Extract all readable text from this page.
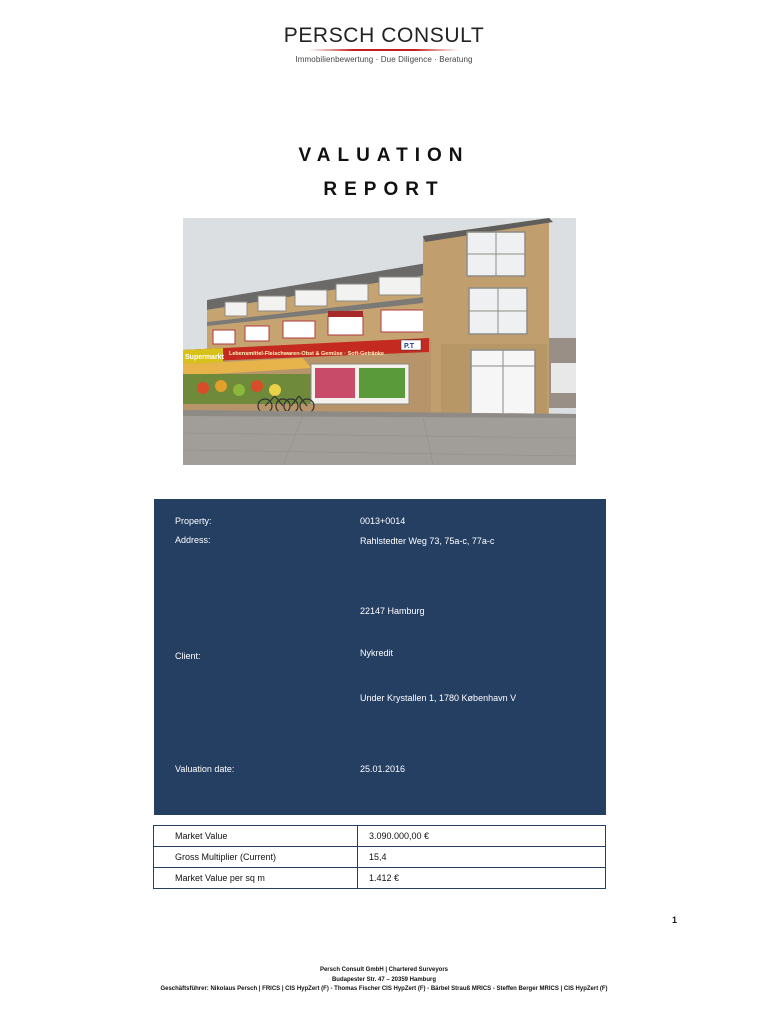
PERSCH CONSULT
Immobilienbewertung · Due Diligence · Beratung
VALUATION
REPORT
Supermarkt Lebensmittel-Fleischwaren-Obst & Gemüse · Soft-Getränke
P.T
Property:	0013+0014
Address:	Rahlstedter Weg 73, 75a-c, 77a-c
22147 Hamburg
Client:	Nykredit
Under Krystallen 1, 1780 København V
Valuation date:	25.01.2016
Market Value	3.090.000,00 €
Gross Multiplier (Current)	15,4
Market Value per sq m	1.412 €
1
Persch Consult GmbH | Chartered Surveyors
Budapester Str. 47 – 20359 Hamburg
Geschäftsführer: Nikolaus Persch | FRICS | CIS HypZert (F) - Thomas Fischer CIS HypZert (F) - Bärbel Strauß MRICS - Steffen Berger MRICS | CIS HypZert (F)
